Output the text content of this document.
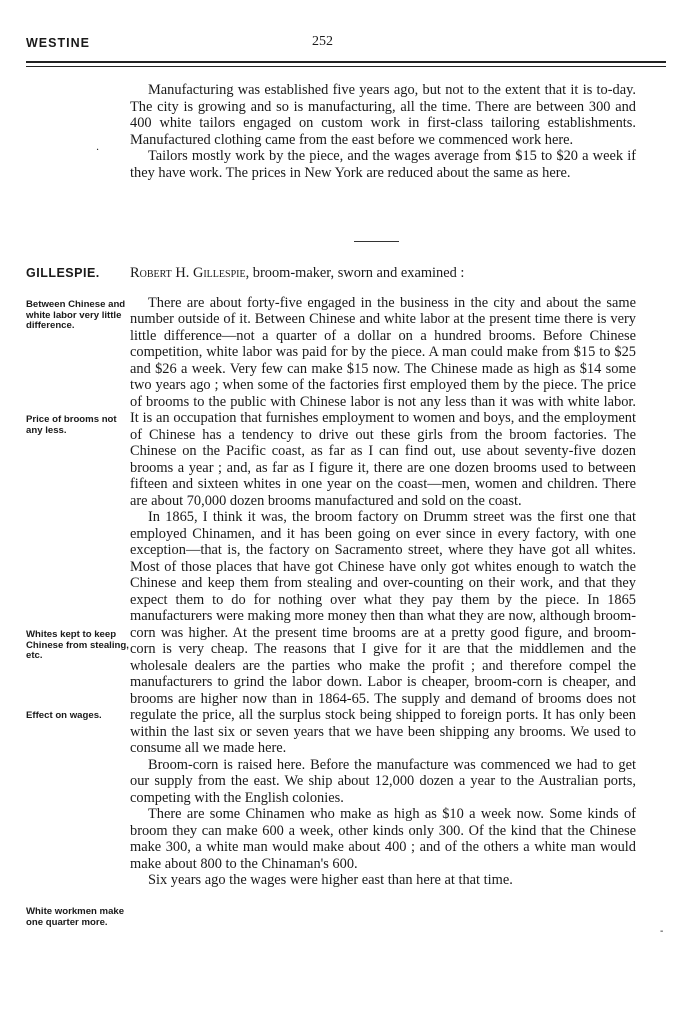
WESTINE	252
·

Manufacturing was established five years ago, but not to the extent that it is to-day. The city is growing and so is manufacturing, all the time. There are between 300 and 400 white tailors engaged on custom work in first-class tailoring establishments. Manufactured clothing came from the east before we commenced work here.

Tailors mostly work by the piece, and the wages average from $15 to $20 a week if they have work. The prices in New York are reduced about the same as here.

GILLESPIE. Robert H. Gillespie, broom-maker, sworn and examined :

There are about forty-five engaged in the business in the city and about the same number outside of it. Between Chinese and white labor at the present time there is very little difference—not a quarter of a dollar on a hundred brooms. Before Chinese competition, white labor was paid for by the piece. A man could make from $15 to $25 and $26 a week. Very few can make $15 now. The Chinese made as high as $14 some two years ago ; when some of the factories first employed them by the piece. The price of brooms to the public with Chinese labor is not any less than it was with white labor. It is an occupation that furnishes employment to women and boys, and the employment of Chinese has a tendency to drive out these girls from the broom factories. The Chinese on the Pacific coast, as far as I can find out, use about seventy-five dozen brooms a year ; and, as far as I figure it, there are one dozen brooms used to between fifteen and sixteen whites in one year on the coast—men, women and children. There are about 70,000 dozen brooms manufactured and sold on the coast.

In 1865, I think it was, the broom factory on Drumm street was the first one that employed Chinamen, and it has been going on ever since in every factory, with one exception—that is, the factory on Sacramento street, where they have got all whites. Most of those places that have got Chinese have only got whites enough to watch the Chinese and keep them from stealing and over-counting on their work, and that they expect them to do for nothing over what they pay them by the piece. In 1865 manufacturers were making more money then than what they are now, although broom-corn was higher. At the present time brooms are at a pretty good figure, and broom-corn is very cheap. The reasons that I give for it are that the middlemen and the wholesale dealers are the parties who make the profit ; and therefore compel the manufacturers to grind the labor down. Labor is cheaper, broom-corn is cheaper, and brooms are higher now than in 1864-65. The supply and demand of brooms does not regulate the price, all the surplus stock being shipped to foreign ports. It has only been within the last six or seven years that we have been shipping any brooms. We used to consume all we made here.

Broom-corn is raised here. Before the manufacture was commenced we had to get our supply from the east. We ship about 12,000 dozen a year to the Australian ports, competing with the English colonies.

There are some Chinamen who make as high as $10 a week now. Some kinds of broom they can make 600 a week, other kinds only 300. Of the kind that the Chinese make 300, a white man would make about 400 ; and of the others a white man would make about 800 to the Chinaman's 600.

Six years ago the wages were higher east than here at that time.

Between Chinese and white labor very little difference.
Price of brooms not any less.
Whites kept to keep Chinese from stealing, etc.
Effect on wages.
White workmen make one quarter more.
-
